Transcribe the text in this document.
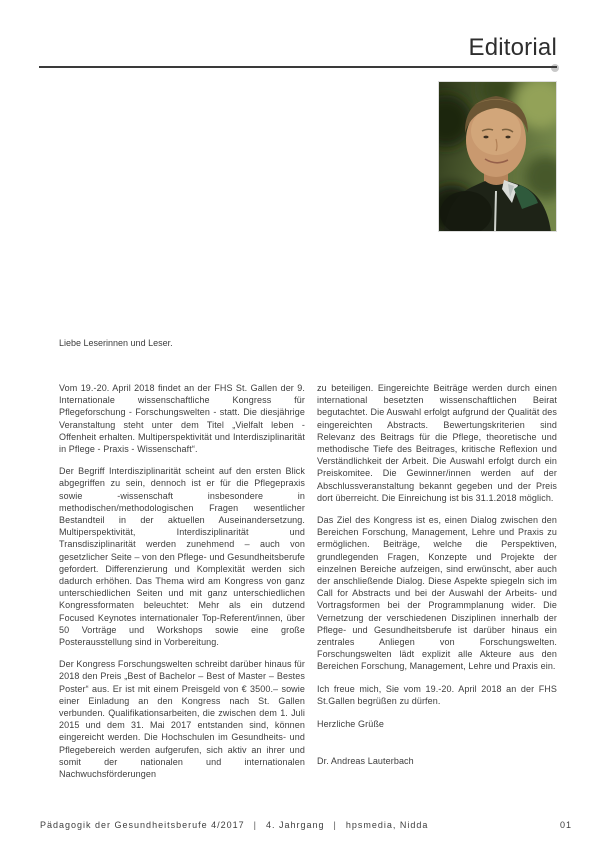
Editorial

Liebe Leserinnen und Leser.

Vom 19.-20. April 2018 findet an der FHS St. Gallen der 9. Internationale wissenschaftliche Kongress für Pflegeforschung - Forschungswelten - statt. Die diesjährige Veranstaltung steht unter dem Titel „Vielfalt leben - Offenheit erhalten. Multiperspektivität und Interdisziplinarität in Pflege - Praxis - Wissenschaft“.

Der Begriff Interdisziplinarität scheint auf den ersten Blick abgegriffen zu sein, dennoch ist er für die Pflegepraxis sowie -wissenschaft insbesondere in methodischen/methodologischen Fragen wesentlicher Bestandteil in der aktuellen Auseinandersetzung. Multiperspektivität, Interdisziplinarität und Transdisziplinarität werden zunehmend – auch von gesetzlicher Seite – von den Pflege- und Gesundheitsberufe gefordert. Differenzierung und Komplexität werden sich dadurch erhöhen. Das Thema wird am Kongress von ganz unterschiedlichen Seiten und mit ganz unterschiedlichen Kongressformaten beleuchtet: Mehr als ein dutzend Focused Keynotes internationaler Top-Referent/innen, über 50 Vorträge und Workshops sowie eine große Posterausstellung sind in Vorbereitung.

Der Kongress Forschungswelten schreibt darüber hinaus für 2018 den Preis „Best of Bachelor – Best of Master – Bestes Poster“ aus. Er ist mit einem Preisgeld von € 3500.– sowie einer Einladung an den Kongress nach St. Gallen verbunden. Qualifikationsarbeiten, die zwischen dem 1. Juli 2015 und dem 31. Mai 2017 entstanden sind, können eingereicht werden. Die Hochschulen im Gesundheits- und Pflegebereich werden aufgerufen, sich aktiv an ihrer und somit der nationalen und internationalen Nachwuchsförderungen

zu beteiligen. Eingereichte Beiträge werden durch einen international besetzten wissenschaftlichen Beirat begutachtet. Die Auswahl erfolgt aufgrund der Qualität des eingereichten Abstracts. Bewertungskriterien sind Relevanz des Beitrags für die Pflege, theoretische und methodische Tiefe des Beitrages, kritische Reflexion und Verständlichkeit der Arbeit. Die Auswahl erfolgt durch ein Preiskomitee. Die Gewinner/innen werden auf der Abschlussveranstaltung bekannt gegeben und der Preis dort überreicht. Die Einreichung ist bis 31.1.2018 möglich.

Das Ziel des Kongress ist es, einen Dialog zwischen den Bereichen Forschung, Management, Lehre und Praxis zu ermöglichen. Beiträge, welche die Perspektiven, grundlegenden Fragen, Konzepte und Projekte der einzelnen Bereiche aufzeigen, sind erwünscht, aber auch der anschließende Dialog. Diese Aspekte spiegeln sich im Call for Abstracts und bei der Auswahl der Arbeits- und Vortragsformen bei der Programmplanung wider. Die Vernetzung der verschiedenen Disziplinen innerhalb der Pflege- und Gesundheitsberufe ist darüber hinaus ein zentrales Anliegen von Forschungswelten. Forschungswelten lädt explizit alle Akteure aus den Bereichen Forschung, Management, Lehre und Praxis ein.

Ich freue mich, Sie vom 19.-20. April 2018 an der FHS St.Gallen begrüßen zu dürfen.

Herzliche Grüße

Dr. Andreas Lauterbach

Pädagogik der Gesundheitsberufe 4/2017 | 4. Jahrgang | hpsmedia, Nidda	01
